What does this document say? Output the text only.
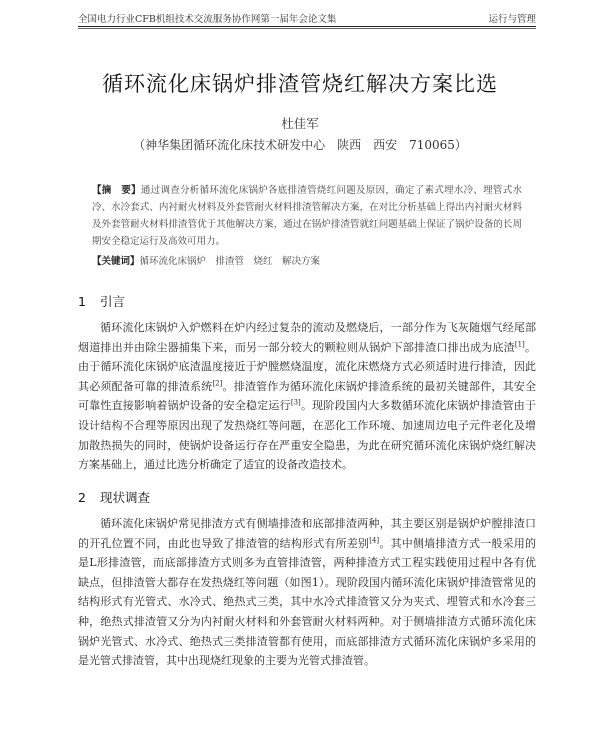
全国电力行业CFB机组技术交流服务协作网第一届年会论文集	运行与管理
循环流化床锅炉排渣管烧红解决方案比选
杜佳军
（神华集团循环流化床技术研发中心　陕西　西安　710065）
【摘　要】通过调查分析循环流化床锅炉各底排渣管烧红问题及原因，确定了素式埋水冷、埋管式水冷、水冷套式、内衬耐火材料及外套管耐火材料排渣管解决方案，在对比分析基础上得出内衬耐火材料及外套管耐火材料排渣管优于其他解决方案，通过在锅炉排渣管就红问题基础上保证了锅炉设备的长周期安全稳定运行及高效可用力。
【关键词】循环流化床锅炉　排渣管　烧红　解决方案
1 引言
循环流化床锅炉入炉燃料在炉内经过复杂的流动及燃烧后，一部分作为飞灰随烟气经尾部烟道排出并由除尘器捕集下来，而另一部分较大的颗粒则从锅炉下部排渣口排出成为底渣[1]。由于循环流化床锅炉底渣温度接近于炉膛燃烧温度，流化床燃烧方式必须适时进行排渣，因此其必须配备可靠的排渣系统[2]。排渣管作为循环流化床锅炉排渣系统的最初关键部件，其安全可靠性直接影响着锅炉设备的安全稳定运行[3]。现阶段国内大多数循环流化床锅炉排渣管由于设计结构不合理等原因出现了发热烧红等问题，在恶化工作环境、加速周边电子元件老化及增加散热损失的同时，使锅炉设备运行存在严重安全隐患，为此在研究循环流化床锅炉烧红解决方案基础上，通过比选分析确定了适宜的设备改造技术。
2 现状调查
循环流化床锅炉常见排渣方式有侧墙排渣和底部排渣两种，其主要区别是锅炉炉膛排渣口的开孔位置不同，由此也导致了排渣管的结构形式有所差别[4]。其中侧墙排渣方式一般采用的是L形排渣管，而底部排渣方式则多为直管排渣管，两种排渣方式工程实践使用过程中各有优缺点，但排渣管大都存在发热烧红等问题（如图1）。现阶段国内循环流化床锅炉排渣管常见的结构形式有光管式、水冷式、绝热式三类，其中水冷式排渣管又分为夹式、埋管式和水冷套三种，绝热式排渣管又分为内衬耐火材料和外套管耐火材料两种。对于侧墙排渣方式循环流化床锅炉光管式、水冷式、绝热式三类排渣管都有使用，而底部排渣方式循环流化床锅炉多采用的是光管式排渣管，其中出现烧红现象的主要为光管式排渣管。
